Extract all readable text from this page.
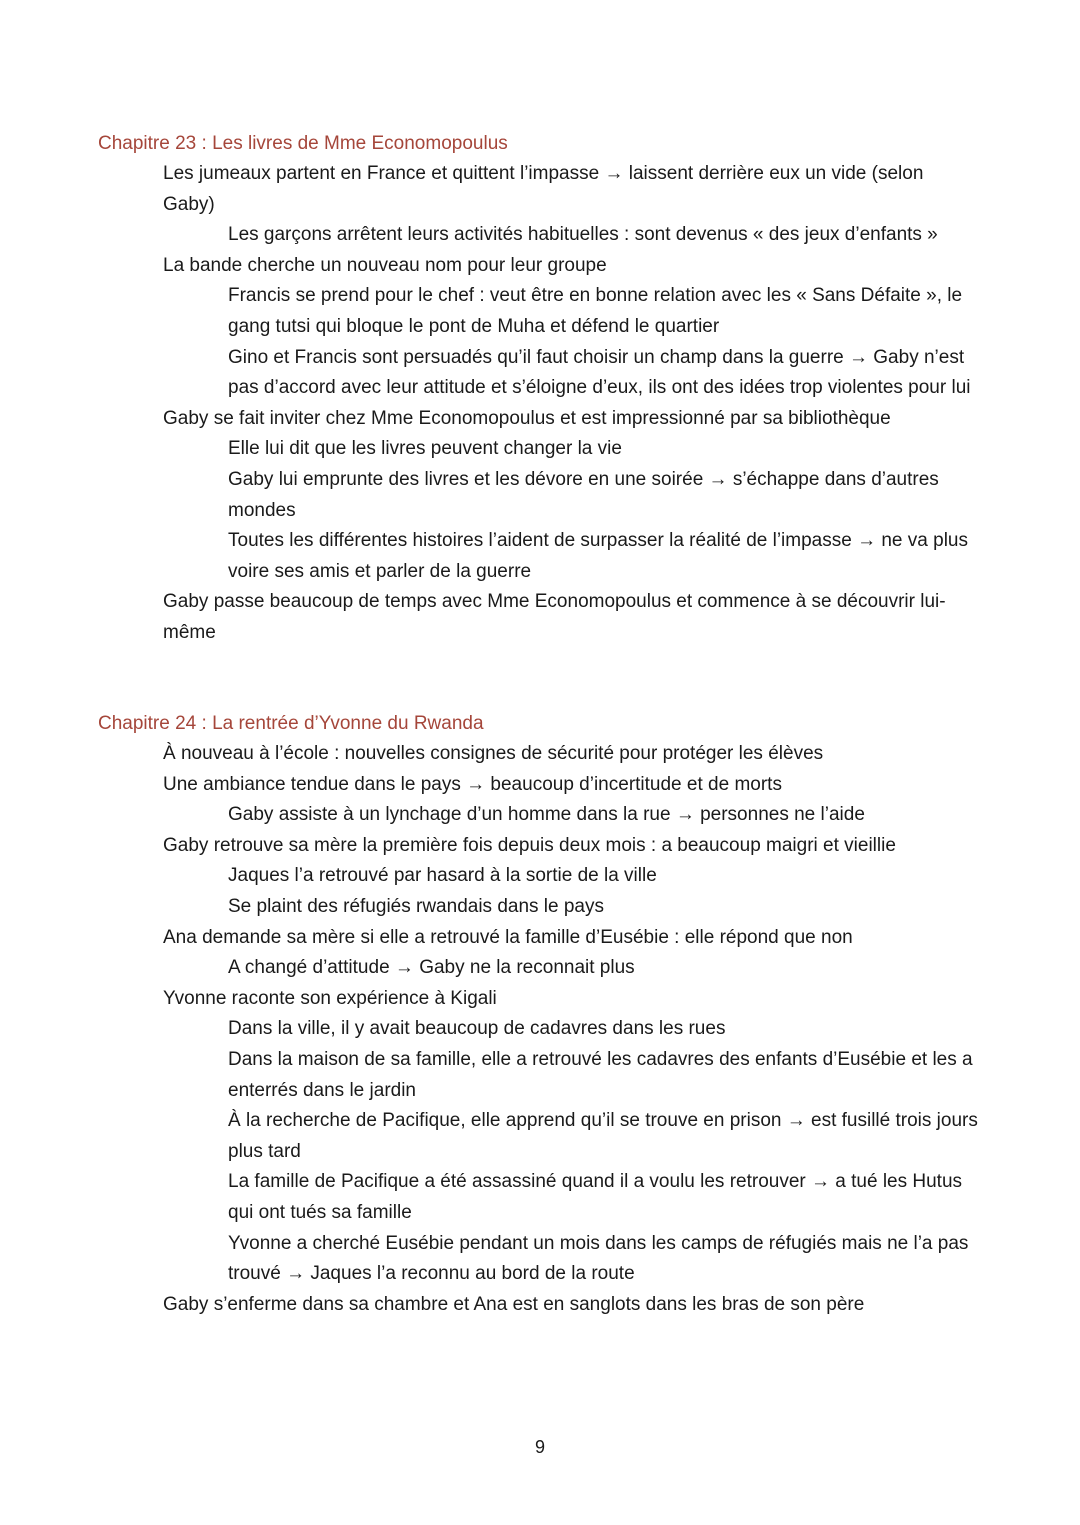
Chapitre 23 : Les livres de Mme Economopoulus
Les jumeaux partent en France et quittent l’impasse → laissent derrière eux un vide (selon Gaby)
Les garçons arrêtent leurs activités habituelles : sont devenus « des jeux d’enfants »
La bande cherche un nouveau nom pour leur groupe
Francis se prend pour le chef : veut être en bonne relation avec les « Sans Défaite », le gang tutsi qui bloque le pont de Muha et défend le quartier
Gino et Francis sont persuadés qu’il faut choisir un champ dans la guerre → Gaby n’est pas d’accord avec leur attitude et s’éloigne d’eux, ils ont des idées trop violentes pour lui
Gaby se fait inviter chez Mme Economopoulus et est impressionné par sa bibliothèque
Elle lui dit que les livres peuvent changer la vie
Gaby lui emprunte des livres et les dévore en une soirée → s’échappe dans d’autres mondes
Toutes les différentes histoires l’aident de surpasser la réalité de l’impasse → ne va plus voire ses amis et parler de la guerre
Gaby passe beaucoup de temps avec Mme Economopoulus et commence à se découvrir lui-même
Chapitre 24 : La rentrée d’Yvonne du Rwanda
À nouveau à l’école : nouvelles consignes de sécurité pour protéger les élèves
Une ambiance tendue dans le pays → beaucoup d’incertitude et de morts
Gaby assiste à un lynchage d’un homme dans la rue → personnes ne l’aide
Gaby retrouve sa mère la première fois depuis deux mois : a beaucoup maigri et vieillie
Jaques l’a retrouvé par hasard à la sortie de la ville
Se plaint des réfugiés rwandais dans le pays
Ana demande sa mère si elle a retrouvé la famille d’Eusébie : elle répond que non
A changé d’attitude → Gaby ne la reconnait plus
Yvonne raconte son expérience à Kigali
Dans la ville, il y avait beaucoup de cadavres dans les rues
Dans la maison de sa famille, elle a retrouvé les cadavres des enfants d’Eusébie et les a enterrés dans le jardin
À la recherche de Pacifique, elle apprend qu’il se trouve en prison → est fusillé trois jours plus tard
La famille de Pacifique a été assassiné quand il a voulu les retrouver → a tué les Hutus qui ont tués sa famille
Yvonne a cherché Eusébie pendant un mois dans les camps de réfugiés mais ne l’a pas trouvé → Jaques l’a reconnu au bord de la route
Gaby s’enferme dans sa chambre et Ana est en sanglots dans les bras de son père
9
